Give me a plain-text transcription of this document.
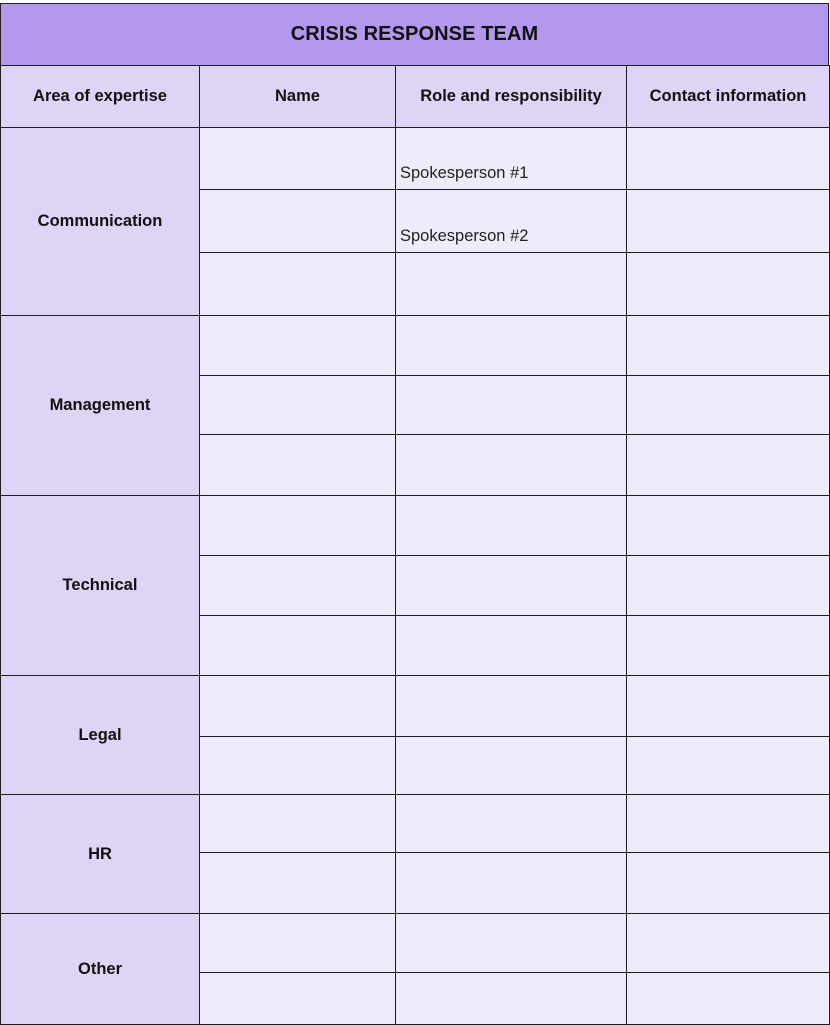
CRISIS RESPONSE TEAM
Area of expertise	Name	Role and responsibility	Contact information
Communication		Spokesperson #1	

		Spokesperson #2	

Management	

Technical	

Legal	

HR	

Other	
